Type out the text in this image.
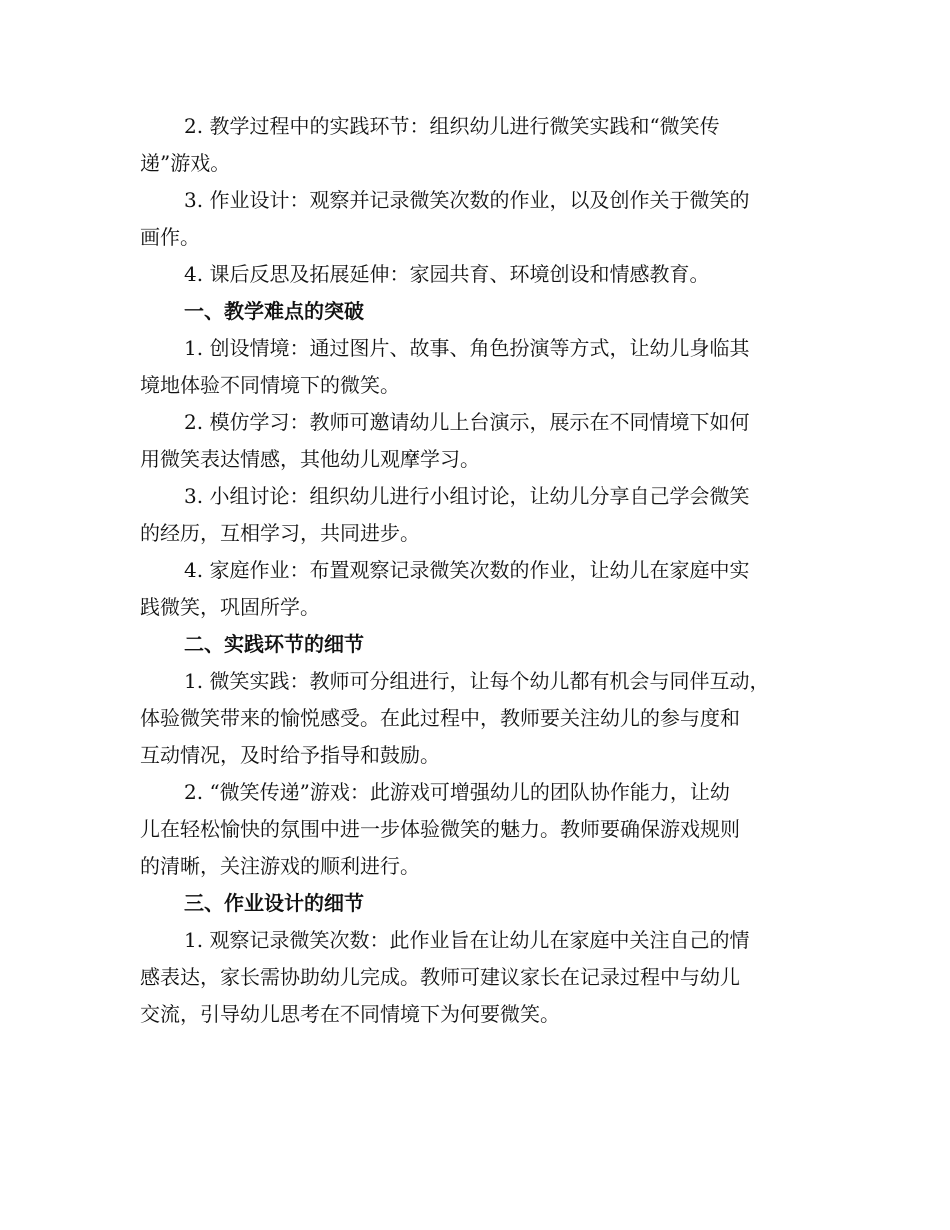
2. 教学过程中的实践环节：组织幼儿进行微笑实践和“微笑传
递”游戏。

3. 作业设计：观察并记录微笑次数的作业，以及创作关于微笑的
画作。

4. 课后反思及拓展延伸：家园共育、环境创设和情感教育。

一、教学难点的突破

1. 创设情境：通过图片、故事、角色扮演等方式，让幼儿身临其
境地体验不同情境下的微笑。

2. 模仿学习：教师可邀请幼儿上台演示，展示在不同情境下如何
用微笑表达情感，其他幼儿观摩学习。

3. 小组讨论：组织幼儿进行小组讨论，让幼儿分享自己学会微笑
的经历，互相学习，共同进步。

4. 家庭作业：布置观察记录微笑次数的作业，让幼儿在家庭中实
践微笑，巩固所学。

二、实践环节的细节

1. 微笑实践：教师可分组进行，让每个幼儿都有机会与同伴互动，
体验微笑带来的愉悦感受。在此过程中，教师要关注幼儿的参与度和
互动情况，及时给予指导和鼓励。

2. “微笑传递”游戏：此游戏可增强幼儿的团队协作能力，让幼
儿在轻松愉快的氛围中进一步体验微笑的魅力。教师要确保游戏规则
的清晰，关注游戏的顺利进行。

三、作业设计的细节

1. 观察记录微笑次数：此作业旨在让幼儿在家庭中关注自己的情
感表达，家长需协助幼儿完成。教师可建议家长在记录过程中与幼儿
交流，引导幼儿思考在不同情境下为何要微笑。
